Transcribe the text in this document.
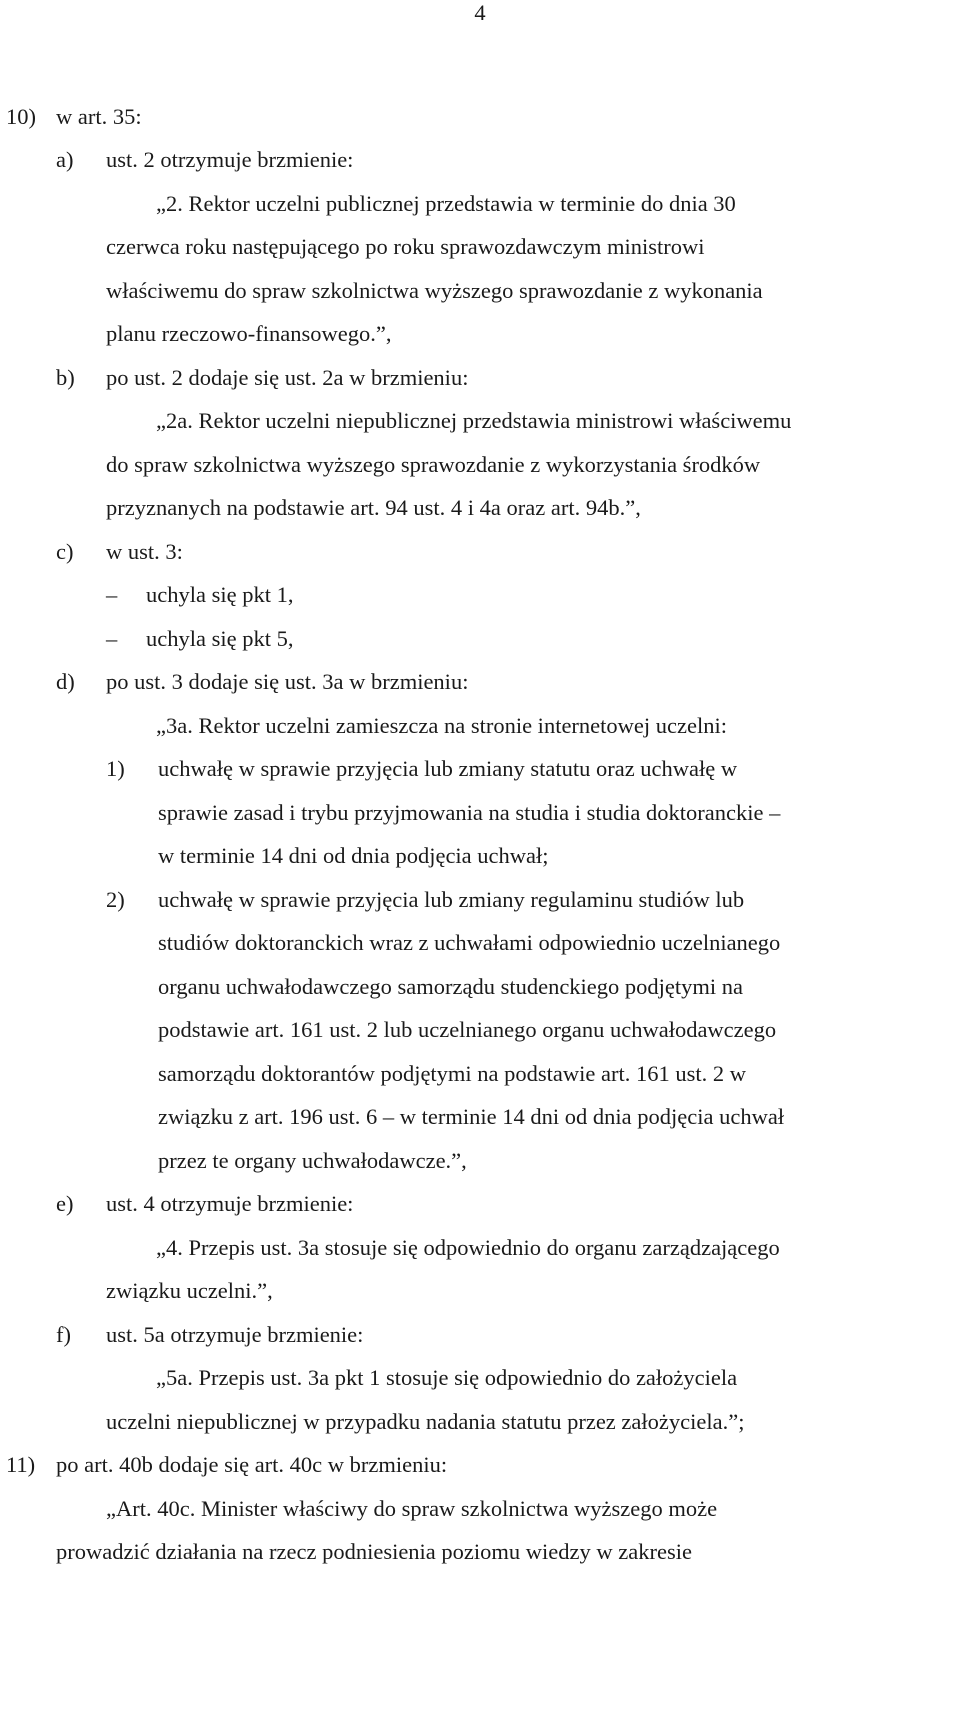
4
10) w art. 35:
a) ust. 2 otrzymuje brzmienie:
„2. Rektor uczelni publicznej przedstawia w terminie do dnia 30
czerwca roku następującego po roku sprawozdawczym ministrowi
właściwemu do spraw szkolnictwa wyższego sprawozdanie z wykonania
planu rzeczowo-finansowego.”,
b) po ust. 2 dodaje się ust. 2a w brzmieniu:
„2a. Rektor uczelni niepublicznej przedstawia ministrowi właściwemu
do spraw szkolnictwa wyższego sprawozdanie z wykorzystania środków
przyznanych na podstawie art. 94 ust. 4 i 4a oraz art. 94b.”,
c) w ust. 3:
– uchyla się pkt 1,
– uchyla się pkt 5,
d) po ust. 3 dodaje się ust. 3a w brzmieniu:
„3a. Rektor uczelni zamieszcza na stronie internetowej uczelni:
1) uchwałę w sprawie przyjęcia lub zmiany statutu oraz uchwałę w
sprawie zasad i trybu przyjmowania na studia i studia doktoranckie –
w terminie 14 dni od dnia podjęcia uchwał;
2) uchwałę w sprawie przyjęcia lub zmiany regulaminu studiów lub
studiów doktoranckich wraz z uchwałami odpowiednio uczelnianego
organu uchwałodawczego samorządu studenckiego podjętymi na
podstawie art. 161 ust. 2 lub uczelnianego organu uchwałodawczego
samorządu doktorantów podjętymi na podstawie art. 161 ust. 2 w
związku z art. 196 ust. 6 – w terminie 14 dni od dnia podjęcia uchwał
przez te organy uchwałodawcze.”,
e) ust. 4 otrzymuje brzmienie:
„4. Przepis ust. 3a stosuje się odpowiednio do organu zarządzającego
związku uczelni.”,
f) ust. 5a otrzymuje brzmienie:
„5a. Przepis ust. 3a pkt 1 stosuje się odpowiednio do założyciela
uczelni niepublicznej w przypadku nadania statutu przez założyciela.”;
11) po art. 40b dodaje się art. 40c w brzmieniu:
„Art. 40c. Minister właściwy do spraw szkolnictwa wyższego może
prowadzić działania na rzecz podniesienia poziomu wiedzy w zakresie
